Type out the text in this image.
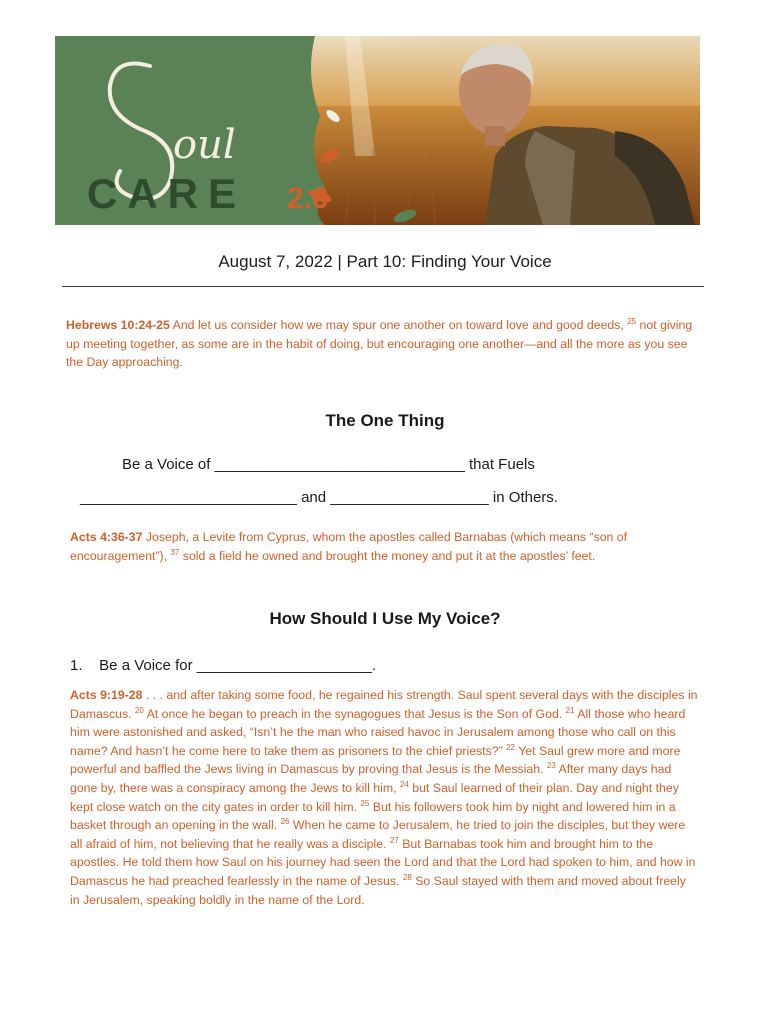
oul
CARE 2.0
August 7, 2022 | Part 10: Finding Your Voice
Hebrews 10:24-25 And let us consider how we may spur one another on toward love and good deeds, $^{25}$ not giving up meeting together, as some are in the habit of doing, but encouraging one another—and all the more as you see the Day approaching.
The One Thing
Be a Voice of ______________________________ that Fuels
__________________________ and ___________________ in Others.
Acts 4:36-37 Joseph, a Levite from Cyprus, whom the apostles called Barnabas (which means “son of encouragement”), $^{37}$ sold a field he owned and brought the money and put it at the apostles’ feet.
How Should I Use My Voice?
1.    Be a Voice for _____________________.
Acts 9:19-28 . . . and after taking some food, he regained his strength. Saul spent several days with the disciples in Damascus. $^{20}$ At once he began to preach in the synagogues that Jesus is the Son of God. $^{21}$ All those who heard him were astonished and asked, “Isn’t he the man who raised havoc in Jerusalem among those who call on this name? And hasn’t he come here to take them as prisoners to the chief priests?” $^{22}$ Yet Saul grew more and more powerful and baffled the Jews living in Damascus by proving that Jesus is the Messiah. $^{23}$ After many days had gone by, there was a conspiracy among the Jews to kill him, $^{24}$ but Saul learned of their plan. Day and night they kept close watch on the city gates in order to kill him. $^{25}$ But his followers took him by night and lowered him in a basket through an opening in the wall. $^{26}$ When he came to Jerusalem, he tried to join the disciples, but they were all afraid of him, not believing that he really was a disciple. $^{27}$ But Barnabas took him and brought him to the apostles. He told them how Saul on his journey had seen the Lord and that the Lord had spoken to him, and how in Damascus he had preached fearlessly in the name of Jesus. $^{28}$ So Saul stayed with them and moved about freely in Jerusalem, speaking boldly in the name of the Lord.
